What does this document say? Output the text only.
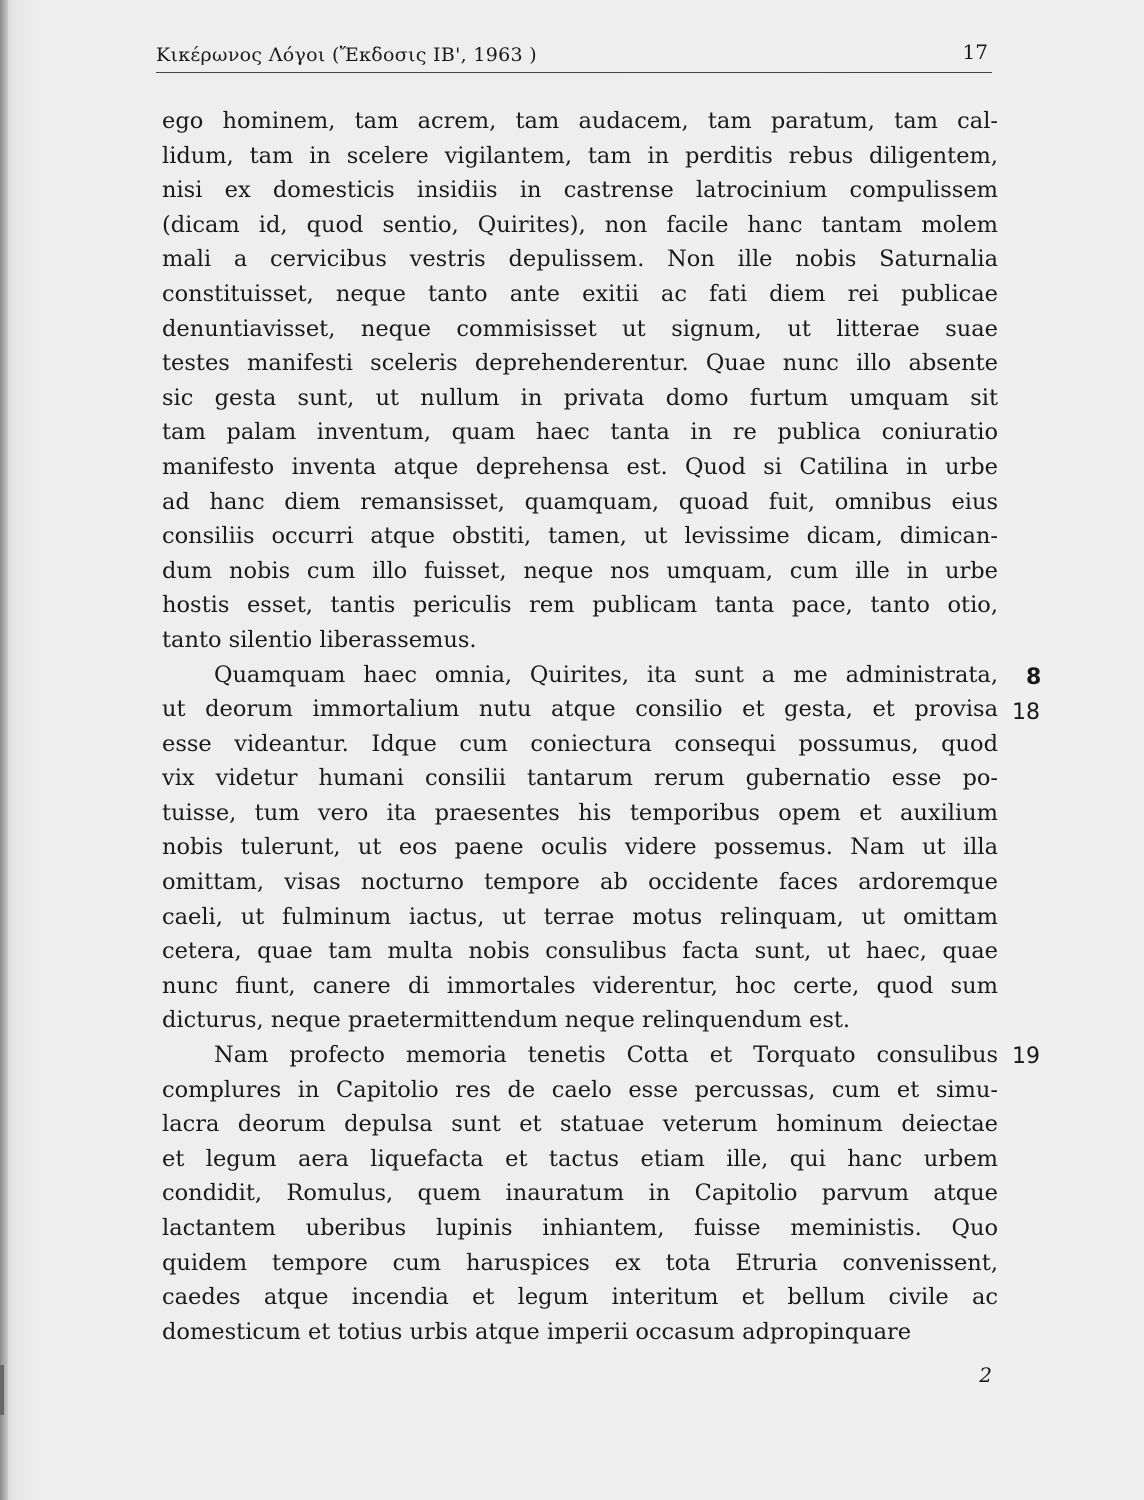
Κικέρωνος Λόγοι (Ἔκδοσις ΙΒ', 1963 )	17
ego hominem, tam acrem, tam audacem, tam paratum, tam cal-
lidum, tam in scelere vigilantem, tam in perditis rebus diligentem,
nisi ex domesticis insidiis in castrense latrocinium compulissem
(dicam id, quod sentio, Quirites), non facile hanc tantam molem
mali a cervicibus vestris depulissem. Non ille nobis Saturnalia
constituisset, neque tanto ante exitii ac fati diem rei publicae
denuntiavisset, neque commisisset ut signum, ut litterae suae
testes manifesti sceleris deprehenderentur. Quae nunc illo absente
sic gesta sunt, ut nullum in privata domo furtum umquam sit
tam palam inventum, quam haec tanta in re publica coniuratio
manifesto inventa atque deprehensa est. Quod si Catilina in urbe
ad hanc diem remansisset, quamquam, quoad fuit, omnibus eius
consiliis occurri atque obstiti, tamen, ut levissime dicam, dimican-
dum nobis cum illo fuisset, neque nos umquam, cum ille in urbe
hostis esset, tantis periculis rem publicam tanta pace, tanto otio,
tanto silentio liberassemus.
Quamquam haec omnia, Quirites, ita sunt a me administrata,
ut deorum immortalium nutu atque consilio et gesta, et provisa
esse videantur. Idque cum coniectura consequi possumus, quod
vix videtur humani consilii tantarum rerum gubernatio esse po-
tuisse, tum vero ita praesentes his temporibus opem et auxilium
nobis tulerunt, ut eos paene oculis videre possemus. Nam ut illa
omittam, visas nocturno tempore ab occidente faces ardoremque
caeli, ut fulminum iactus, ut terrae motus relinquam, ut omittam
cetera, quae tam multa nobis consulibus facta sunt, ut haec, quae
nunc fiunt, canere di immortales viderentur, hoc certe, quod sum
dicturus, neque praetermittendum neque relinquendum est.
Nam profecto memoria tenetis Cotta et Torquato consulibus
complures in Capitolio res de caelo esse percussas, cum et simu-
lacra deorum depulsa sunt et statuae veterum hominum deiectae
et legum aera liquefacta et tactus etiam ille, qui hanc urbem
condidit, Romulus, quem inauratum in Capitolio parvum atque
lactantem uberibus lupinis inhiantem, fuisse meministis. Quo
quidem tempore cum haruspices ex tota Etruria convenissent,
caedes atque incendia et legum interitum et bellum civile ac
domesticum et totius urbis atque imperii occasum adpropinquare
8
18
19
2
